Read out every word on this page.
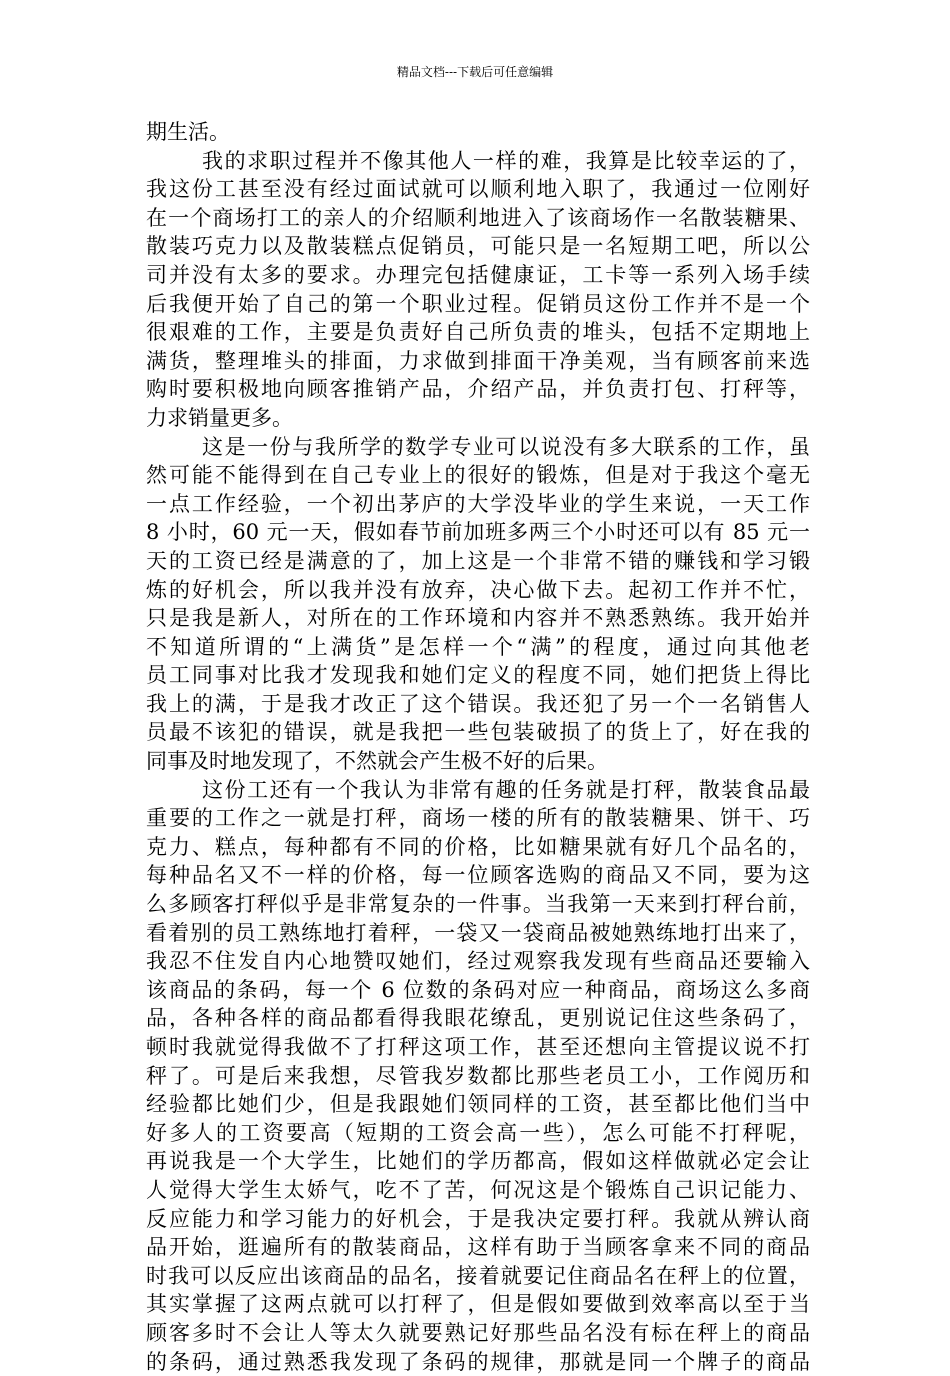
精品文档---下载后可任意编辑
期生活。
我的求职过程并不像其他人一样的难，我算是比较幸运的了，
我这份工甚至没有经过面试就可以顺利地入职了，我通过一位刚好
在一个商场打工的亲人的介绍顺利地进入了该商场作一名散装糖果、
散装巧克力以及散装糕点促销员，可能只是一名短期工吧，所以公
司并没有太多的要求。办理完包括健康证，工卡等一系列入场手续
后我便开始了自己的第一个职业过程。促销员这份工作并不是一个
很艰难的工作，主要是负责好自己所负责的堆头，包括不定期地上
满货，整理堆头的排面，力求做到排面干净美观，当有顾客前来选
购时要积极地向顾客推销产品，介绍产品，并负责打包、打秤等，
力求销量更多。
这是一份与我所学的数学专业可以说没有多大联系的工作，虽
然可能不能得到在自己专业上的很好的锻炼，但是对于我这个毫无
一点工作经验，一个初出茅庐的大学没毕业的学生来说，一天工作
8 小时，60 元一天，假如春节前加班多两三个小时还可以有 85 元一
天的工资已经是满意的了，加上这是一个非常不错的赚钱和学习锻
炼的好机会，所以我并没有放弃，决心做下去。起初工作并不忙，
只是我是新人，对所在的工作环境和内容并不熟悉熟练。我开始并
不知道所谓的“上满货”是怎样一个“满”的程度，通过向其他老
员工同事对比我才发现我和她们定义的程度不同，她们把货上得比
我上的满，于是我才改正了这个错误。我还犯了另一个一名销售人
员最不该犯的错误，就是我把一些包装破损了的货上了，好在我的
同事及时地发现了，不然就会产生极不好的后果。
这份工还有一个我认为非常有趣的任务就是打秤，散装食品最
重要的工作之一就是打秤，商场一楼的所有的散装糖果、饼干、巧
克力、糕点，每种都有不同的价格，比如糖果就有好几个品名的，
每种品名又不一样的价格，每一位顾客选购的商品又不同，要为这
么多顾客打秤似乎是非常复杂的一件事。当我第一天来到打秤台前，
看着别的员工熟练地打着秤，一袋又一袋商品被她熟练地打出来了，
我忍不住发自内心地赞叹她们，经过观察我发现有些商品还要输入
该商品的条码，每一个 6 位数的条码对应一种商品，商场这么多商
品，各种各样的商品都看得我眼花缭乱，更别说记住这些条码了，
顿时我就觉得我做不了打秤这项工作，甚至还想向主管提议说不打
秤了。可是后来我想，尽管我岁数都比那些老员工小，工作阅历和
经验都比她们少，但是我跟她们领同样的工资，甚至都比他们当中
好多人的工资要高（短期的工资会高一些），怎么可能不打秤呢，
再说我是一个大学生，比她们的学历都高，假如这样做就必定会让
人觉得大学生太娇气，吃不了苦，何况这是个锻炼自己识记能力、
反应能力和学习能力的好机会，于是我决定要打秤。我就从辨认商
品开始，逛遍所有的散装商品，这样有助于当顾客拿来不同的商品
时我可以反应出该商品的品名，接着就要记住商品名在秤上的位置，
其实掌握了这两点就可以打秤了，但是假如要做到效率高以至于当
顾客多时不会让人等太久就要熟记好那些品名没有标在秤上的商品
的条码，通过熟悉我发现了条码的规律，那就是同一个牌子的商品
